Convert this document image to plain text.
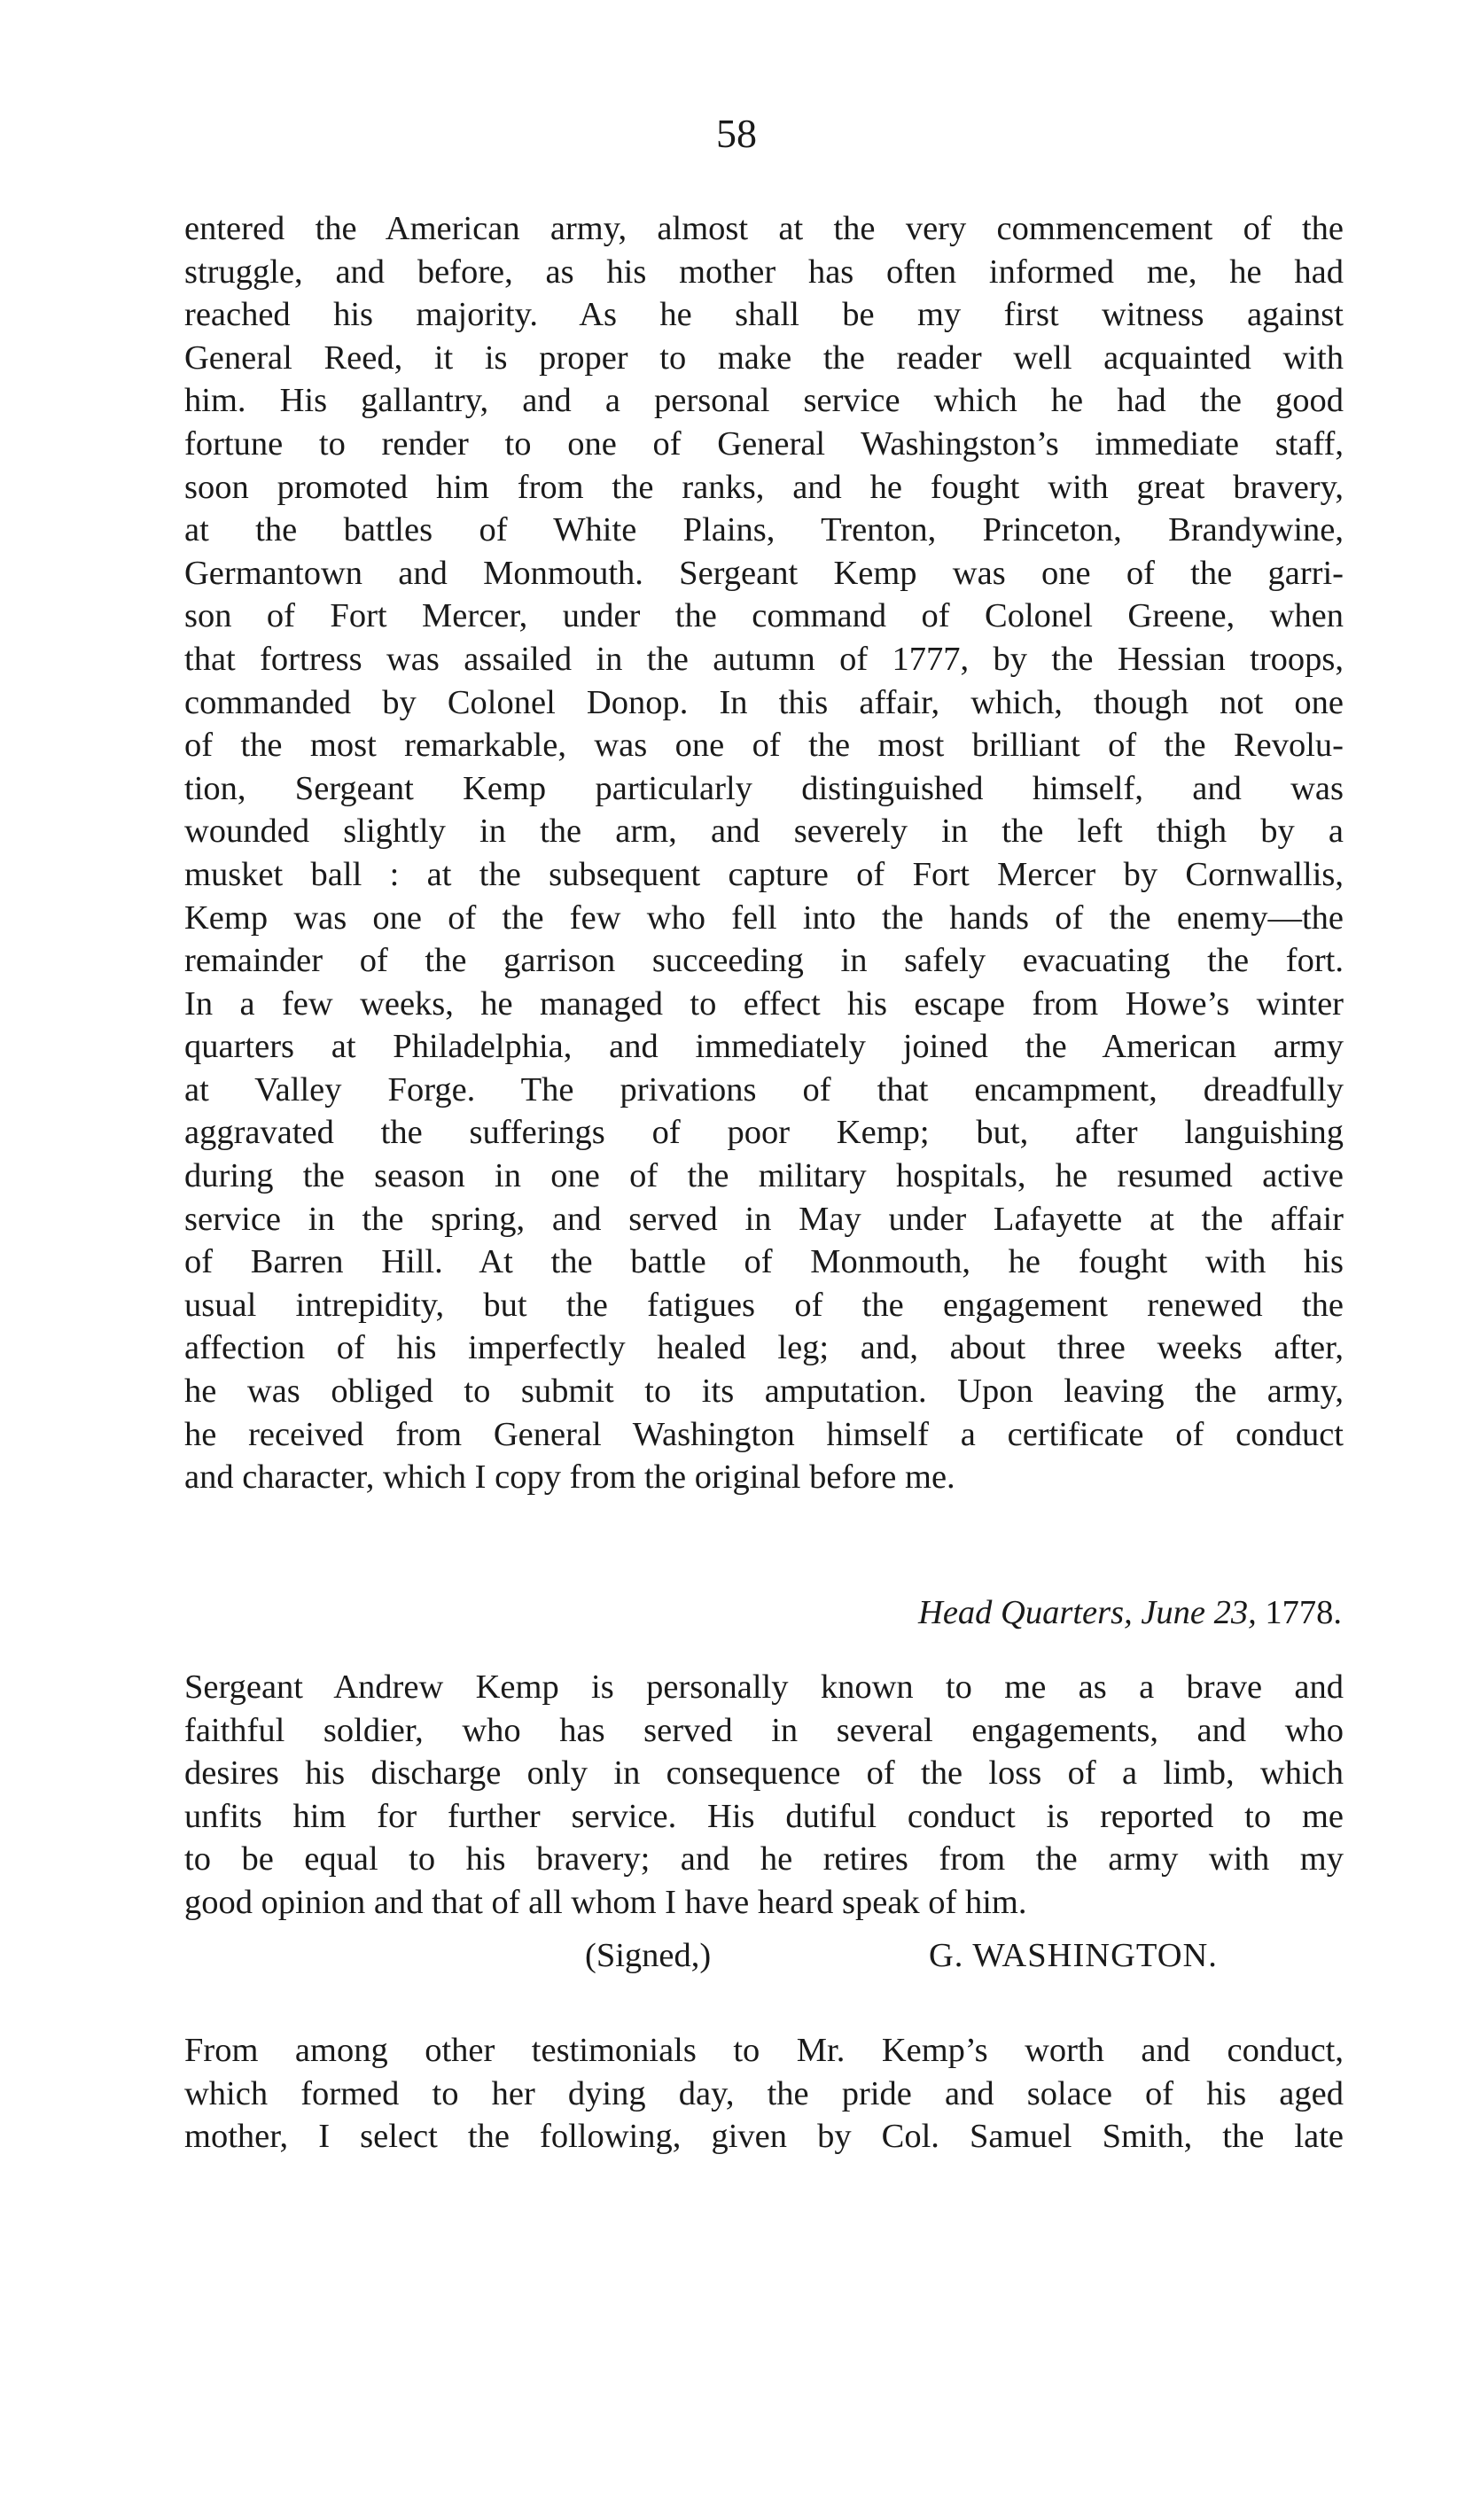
58
entered the American army, almost at the very commencement of the
struggle, and before, as his mother has often informed me, he had
reached his majority. As he shall be my first witness against
General Reed, it is proper to make the reader well acquainted with
him. His gallantry, and a personal service which he had the good
fortune to render to one of General Washingston’s immediate staff,
soon promoted him from the ranks, and he fought with great bravery,
at the battles of White Plains, Trenton, Princeton, Brandywine,
Germantown and Monmouth. Sergeant Kemp was one of the garri-
son of Fort Mercer, under the command of Colonel Greene, when
that fortress was assailed in the autumn of 1777, by the Hessian troops,
commanded by Colonel Donop. In this affair, which, though not one
of the most remarkable, was one of the most brilliant of the Revolu-
tion, Sergeant Kemp particularly distinguished himself, and was
wounded slightly in the arm, and severely in the left thigh by a
musket ball : at the subsequent capture of Fort Mercer by Cornwallis,
Kemp was one of the few who fell into the hands of the enemy—the
remainder of the garrison succeeding in safely evacuating the fort.
In a few weeks, he managed to effect his escape from Howe’s winter
quarters at Philadelphia, and immediately joined the American army
at Valley Forge. The privations of that encampment, dreadfully
aggravated the sufferings of poor Kemp; but, after languishing
during the season in one of the military hospitals, he resumed active
service in the spring, and served in May under Lafayette at the affair
of Barren Hill. At the battle of Monmouth, he fought with his
usual intrepidity, but the fatigues of the engagement renewed the
affection of his imperfectly healed leg; and, about three weeks after,
he was obliged to submit to its amputation. Upon leaving the army,
he received from General Washington himself a certificate of conduct
and character, which I copy from the original before me.
Head Quarters, June 23, 1778.
Sergeant Andrew Kemp is personally known to me as a brave and
faithful soldier, who has served in several engagements, and who
desires his discharge only in consequence of the loss of a limb, which
unfits him for further service. His dutiful conduct is reported to me
to be equal to his bravery; and he retires from the army with my
good opinion and that of all whom I have heard speak of him.
(Signed,)	G. WASHINGTON.
From among other testimonials to Mr. Kemp’s worth and conduct,
which formed to her dying day, the pride and solace of his aged
mother, I select the following, given by Col. Samuel Smith, the late
